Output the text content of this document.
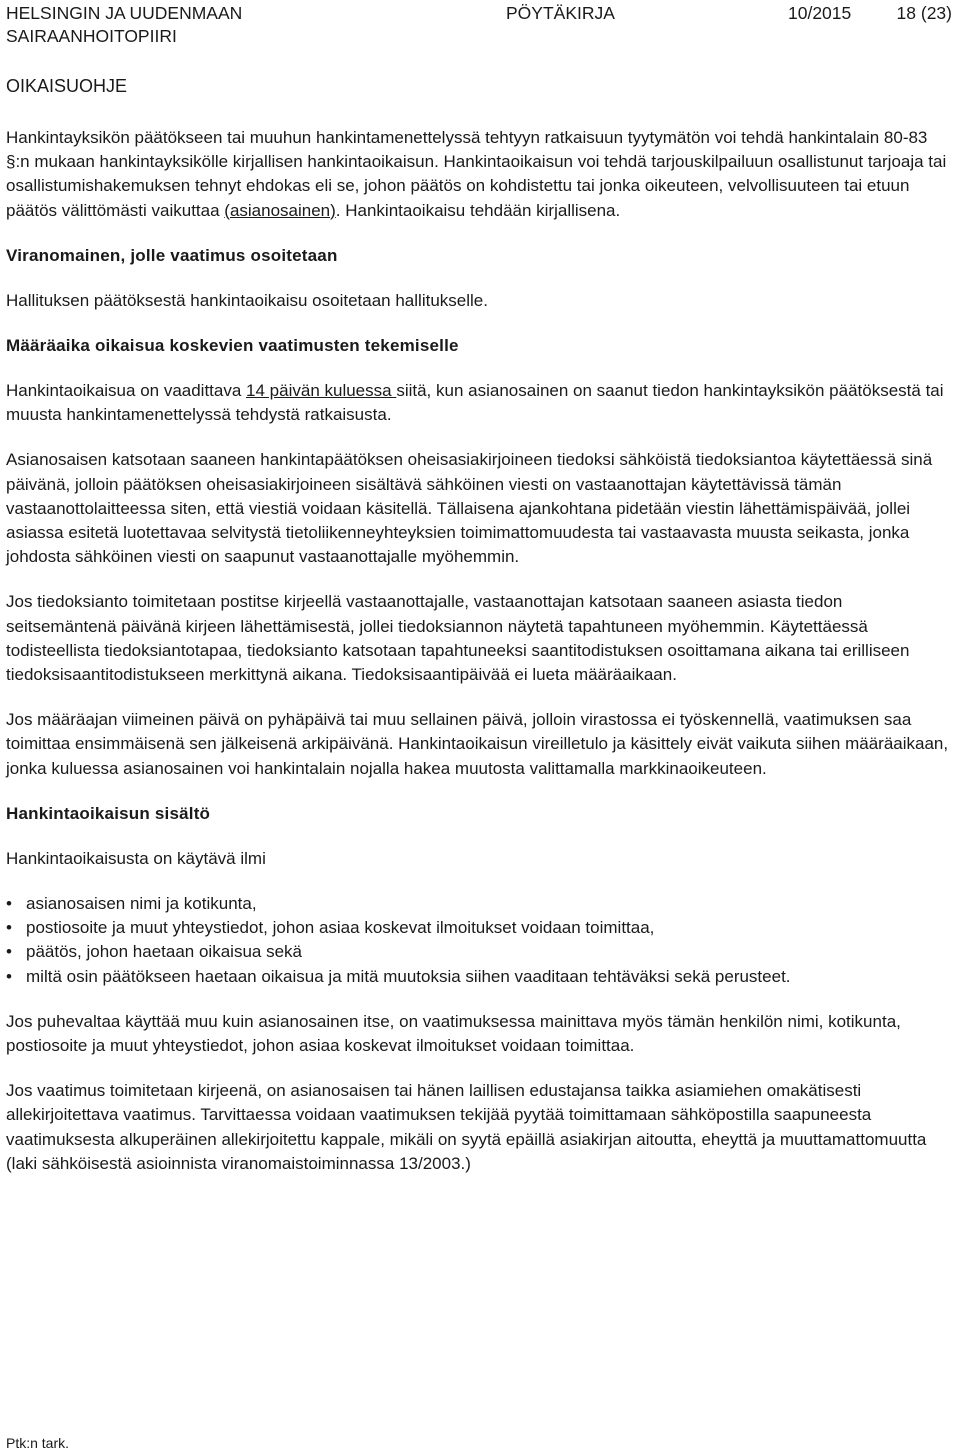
HELSINGIN JA UUDENMAAN
SAIRAANHOITOPIIRI
PÖYTÄKIRJA	10/2015	18 (23)
OIKAISUOHJE

Hankintayksikön päätökseen tai muuhun hankintamenettelyssä tehtyyn ratkaisuun tyytymätön voi tehdä hankintalain 80-83 §:n mukaan hankintayksikölle kirjallisen hankintaoikaisun. Hankintaoikaisun voi tehdä tarjouskilpailuun osallistunut tarjoaja tai osallistumishakemuksen tehnyt ehdokas eli se, johon päätös on kohdistettu tai jonka oikeuteen, velvollisuuteen tai etuun päätös välittömästi vaikuttaa (asianosainen). Hankintaoikaisu tehdään kirjallisena.

Viranomainen, jolle vaatimus osoitetaan

Hallituksen päätöksestä hankintaoikaisu osoitetaan hallitukselle.

Määräaika oikaisua koskevien vaatimusten tekemiselle

Hankintaoikaisua on vaadittava 14 päivän kuluessa siitä, kun asianosainen on saanut tiedon hankintayksikön päätöksestä tai muusta hankintamenettelyssä tehdystä ratkaisusta.

Asianosaisen katsotaan saaneen hankintapäätöksen oheisasiakirjoineen tiedoksi sähköistä tiedoksiantoa käytettäessä sinä päivänä, jolloin päätöksen oheisasiakirjoineen sisältävä sähköinen viesti on vastaanottajan käytettävissä tämän vastaanottolaitteessa siten, että viestiä voidaan käsitellä. Tällaisena ajankohtana pidetään viestin lähettämispäivää, jollei asiassa esitetä luotettavaa selvitystä tietoliikenneyhteyksien toimimattomuudesta tai vastaavasta muusta seikasta, jonka johdosta sähköinen viesti on saapunut vastaanottajalle myöhemmin.

Jos tiedoksianto toimitetaan postitse kirjeellä vastaanottajalle, vastaanottajan katsotaan saaneen asiasta tiedon seitsemäntenä päivänä kirjeen lähettämisestä, jollei tiedoksiannon näytetä tapahtuneen myöhemmin. Käytettäessä todisteellista tiedoksiantotapaa, tiedoksianto katsotaan tapahtuneeksi saantitodistuksen osoittamana aikana tai erilliseen tiedoksisaantitodistukseen merkittynä aikana. Tiedoksisaantipäivää ei lueta määräaikaan.

Jos määräajan viimeinen päivä on pyhäpäivä tai muu sellainen päivä, jolloin virastossa ei työskennellä, vaatimuksen saa toimittaa ensimmäisenä sen jälkeisenä arkipäivänä. Hankintaoikaisun vireilletulo ja käsittely eivät vaikuta siihen määräaikaan, jonka kuluessa asianosainen voi hankintalain nojalla hakea muutosta valittamalla markkinaoikeuteen.

Hankintaoikaisun sisältö

Hankintaoikaisusta on käytävä ilmi

• asianosaisen nimi ja kotikunta,
• postiosoite ja muut yhteystiedot, johon asiaa koskevat ilmoitukset voidaan toimittaa,
• päätös, johon haetaan oikaisua sekä
• miltä osin päätökseen haetaan oikaisua ja mitä muutoksia siihen vaaditaan tehtäväksi sekä perusteet.

Jos puhevaltaa käyttää muu kuin asianosainen itse, on vaatimuksessa mainittava myös tämän henkilön nimi, kotikunta, postiosoite ja muut yhteystiedot, johon asiaa koskevat ilmoitukset voidaan toimittaa.

Jos vaatimus toimitetaan kirjeenä, on asianosaisen tai hänen laillisen edustajansa taikka asiamiehen omakätisesti allekirjoitettava vaatimus. Tarvittaessa voidaan vaatimuksen tekijää pyytää toimittamaan sähköpostilla saapuneesta vaatimuksesta alkuperäinen allekirjoitettu kappale, mikäli on syytä epäillä asiakirjan aitoutta, eheyttä ja muuttamattomuutta (laki sähköisestä asioinnista viranomaistoiminnassa 13/2003.)

Ptk:n tark.
